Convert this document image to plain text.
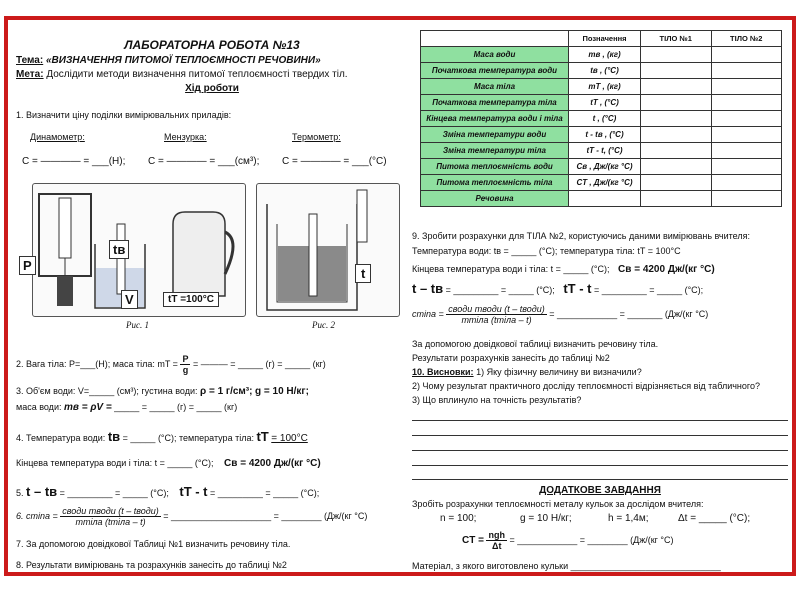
ЛАБОРАТОРНА РОБОТА №13
Тема: «ВИЗНАЧЕННЯ ПИТОМОЇ ТЕПЛОЄМНОСТІ РЕЧОВИНИ»
Мета: Дослідити методи визначення питомої теплоємності твердих тіл.
Хід роботи
1. Визначити ціну поділки вимірювальних приладів:
Динамометр:	Мензурка:	Термометр:
C = ———— = ___(Н); C = ———— = ___(см³); C = ———— = ___(°C)
P
tв
V	tT =100°C
Рис. 1
t
Рис. 2
2. Вага тіла: P=___(Н); маса тіла: mT = $\frac{P}{g}$ = ——— = _____ (г) = _____ (кг)
3. Об'єм води: V=_____ (см³); густина води: ρ = 1 г/см³; g = 10 Н/кг;
маса води: mв = ρV = _____ = _____ (г) = _____ (кг)
4. Температура води: tв = _____ (°C); температура тіла: tT = 100°C
Кінцева температура води і тіла: t = _____ (°C); Cв = 4200 Дж/(кг °C)
5. t – tв = _________ = _____ (°C); tT - t = _________ = _____ (°C);
6. $cmina = \frac{\text{cводи mводи (t – tводи)}}{\text{mтіла (tтіла – t)}}$ = ____________________ = ________ (Дж/(кг °C)
7. За допомогою довідкової Таблиці №1 визначить речовину тіла.
8. Результати вимірювань та розрахунків занесіть до таблиці №2
	Позначення	ТІЛО №1	ТІЛО №2
Маса води	mв , (кг)		
Початкова температура води	tв , (°C)		
Маса тіла	mT , (кг)		
Початкова температура тіла	tT , (°C)		
Кінцева температура води і тіла	t , (°C)		
Зміна температури води	t - tв , (°C)		
Зміна температури тіла	tT - t, (°C)		
Питома теплоємність води	Cв , Дж/(кг °C)		
Питома теплоємність тіла	CT , Дж/(кг °C)		
Речовина			
9. Зробити розрахунки для ТІЛА №2, користуючись даними вимірювань вчителя:
Температура води: tв = _____ (°C); температура тіла: tT = 100°C
Кінцева температура води і тіла: t = _____ (°C); Cв = 4200 Дж/(кг °C)
t – tв = _________ = _____ (°C); tT - t = _________ = _____ (°C);
$cmina = \frac{\text{cводи mводи (t – tводи)}}{\text{mтіла (tтіла – t)}}$ = ____________ = _______ (Дж/(кг °C)
За допомогою довідкової таблиці визначить речовину тіла.
Результати розрахунків занесіть до таблиці №2
10. Висновки: 1) Яку фізичну величину ви визначили?
2) Чому результат практичного досліду теплоємності відрізняється від табличного?
3) Що вплинуло на точність результатів?
ДОДАТКОВЕ ЗАВДАННЯ
Зробіть розрахунки теплоємності металу кульок за дослідом вчителя:
n = 100;	g = 10 Н/кг;	h = 1,4м;	Δt = _____ (°C);
CT = $\frac{\text{ngh}}{\Delta t}$ = ____________ = ________ (Дж/(кг °C)
Матеріал, з якого виготовлено кульки ______________________________
